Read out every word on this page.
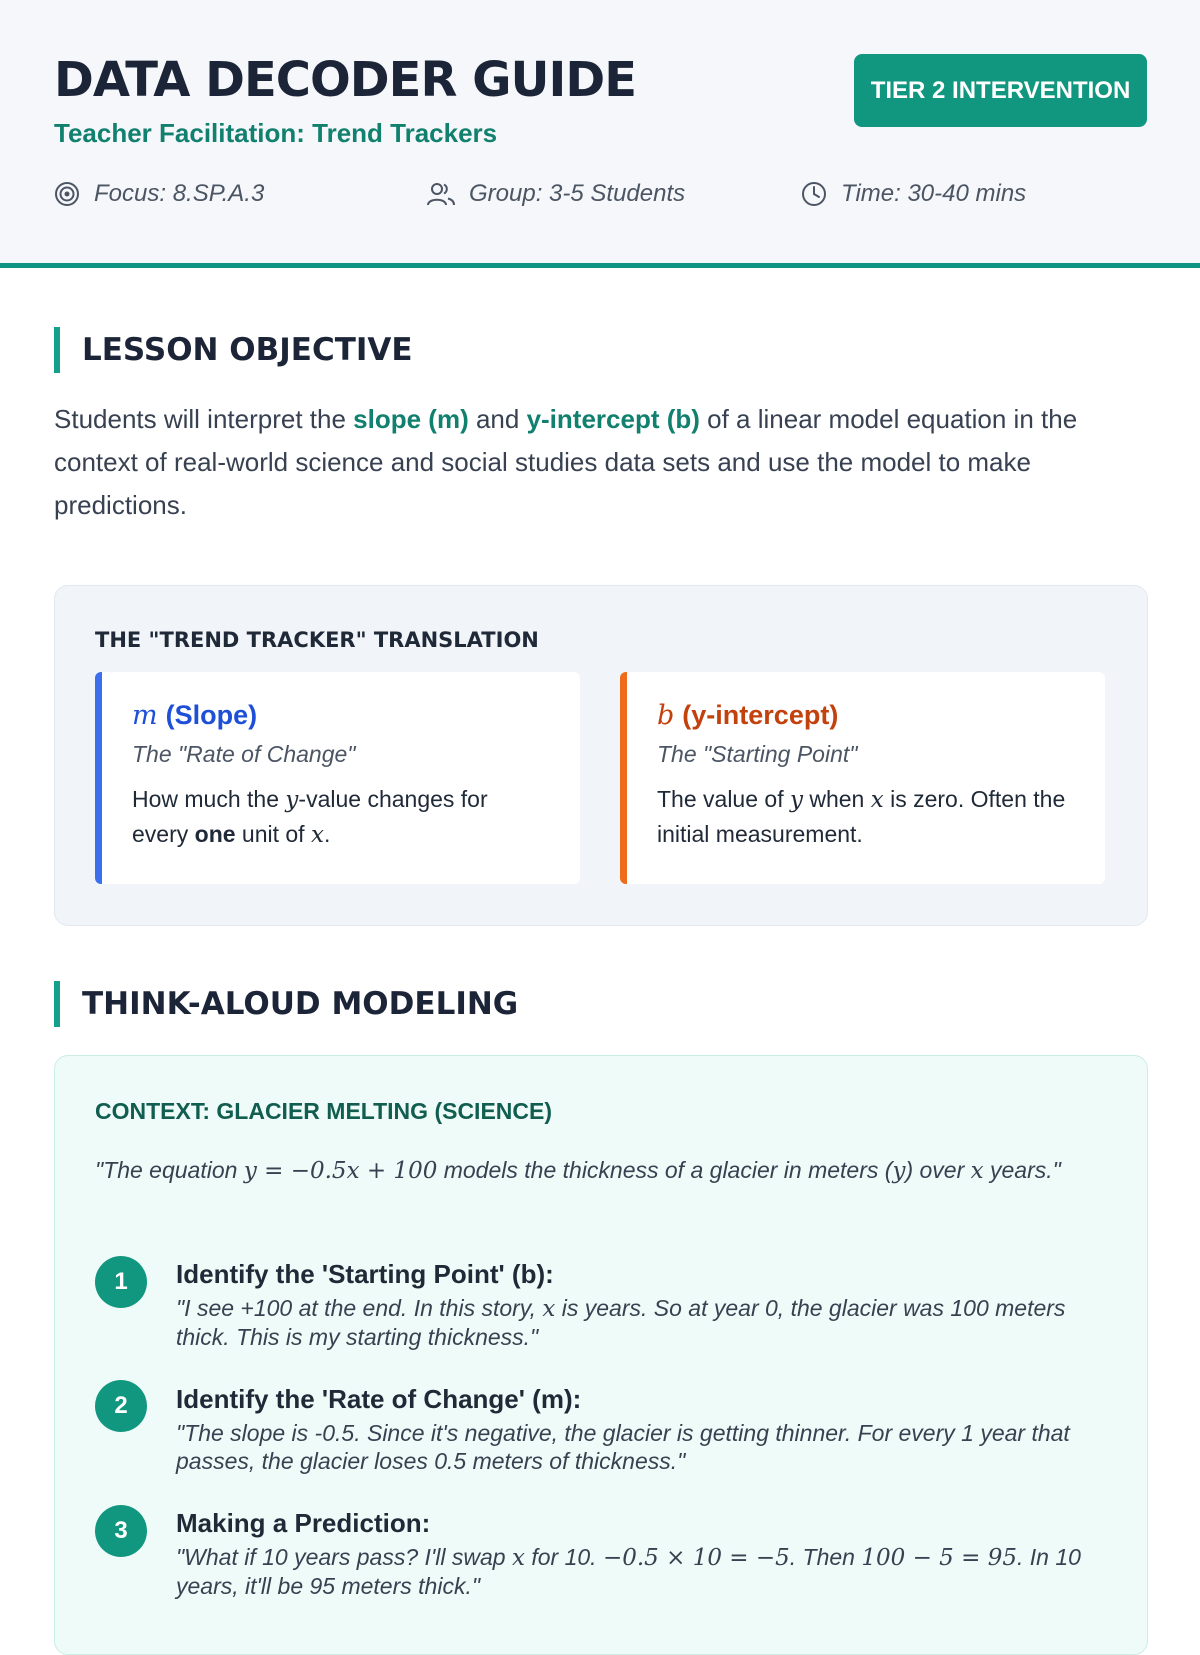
DATA DECODER GUIDE
Teacher Facilitation: Trend Trackers
TIER 2 INTERVENTION
Focus: 8.SP.A.3	Group: 3-5 Students	Time: 30-40 mins
LESSON OBJECTIVE

Students will interpret the slope (m) and y-intercept (b) of a linear model equation in the context of real-world science and social studies data sets and use the model to make predictions.

THE "TREND TRACKER" TRANSLATION
m (Slope)
The "Rate of Change"
How much the y-value changes for every one unit of x.
b (y-intercept)
The "Starting Point"
The value of y when x is zero. Often the initial measurement.
THINK-ALOUD MODELING
CONTEXT: GLACIER MELTING (SCIENCE)
"The equation y = −0.5x + 100 models the thickness of a glacier in meters (y) over x years."
1	Identify the 'Starting Point' (b):
"I see +100 at the end. In this story, x is years. So at year 0, the glacier was 100 meters thick. This is my starting thickness."
2	Identify the 'Rate of Change' (m):
"The slope is -0.5. Since it's negative, the glacier is getting thinner. For every 1 year that passes, the glacier loses 0.5 meters of thickness."
3	Making a Prediction:
"What if 10 years pass? I'll swap x for 10. −0.5 × 10 = −5. Then 100 − 5 = 95. In 10 years, it'll be 95 meters thick."
